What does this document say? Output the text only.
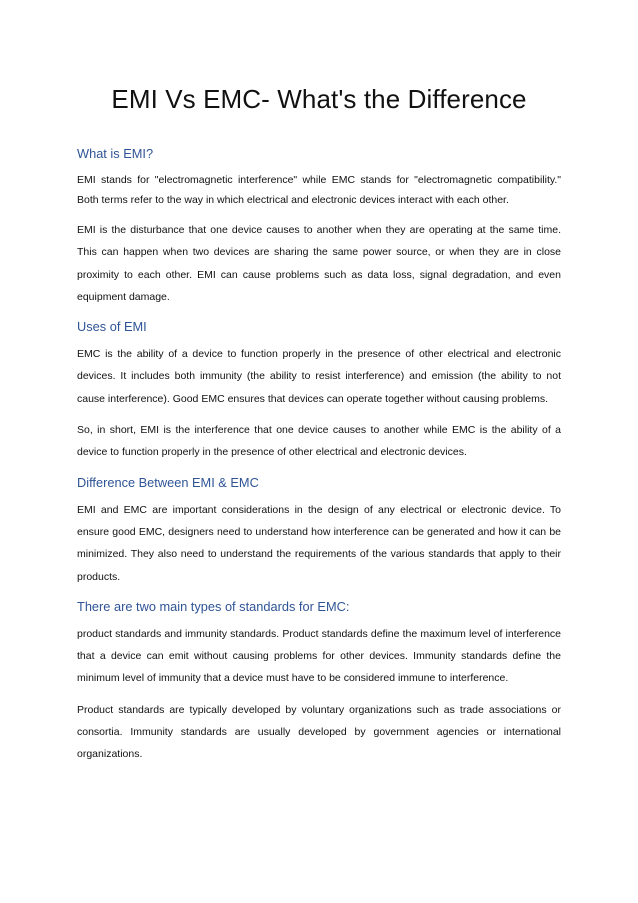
EMI Vs EMC- What's the Difference
What is EMI?

EMI stands for "electromagnetic interference" while EMC stands for "electromagnetic compatibility." Both terms refer to the way in which electrical and electronic devices interact with each other.

EMI is the disturbance that one device causes to another when they are operating at the same time. This can happen when two devices are sharing the same power source, or when they are in close proximity to each other. EMI can cause problems such as data loss, signal degradation, and even equipment damage.

Uses of EMI

EMC is the ability of a device to function properly in the presence of other electrical and electronic devices. It includes both immunity (the ability to resist interference) and emission (the ability to not cause interference). Good EMC ensures that devices can operate together without causing problems.

So, in short, EMI is the interference that one device causes to another while EMC is the ability of a device to function properly in the presence of other electrical and electronic devices.

Difference Between EMI & EMC

EMI and EMC are important considerations in the design of any electrical or electronic device. To ensure good EMC, designers need to understand how interference can be generated and how it can be minimized. They also need to understand the requirements of the various standards that apply to their products.

There are two main types of standards for EMC:

product standards and immunity standards. Product standards define the maximum level of interference that a device can emit without causing problems for other devices. Immunity standards define the minimum level of immunity that a device must have to be considered immune to interference.

Product standards are typically developed by voluntary organizations such as trade associations or consortia. Immunity standards are usually developed by government agencies or international organizations.
